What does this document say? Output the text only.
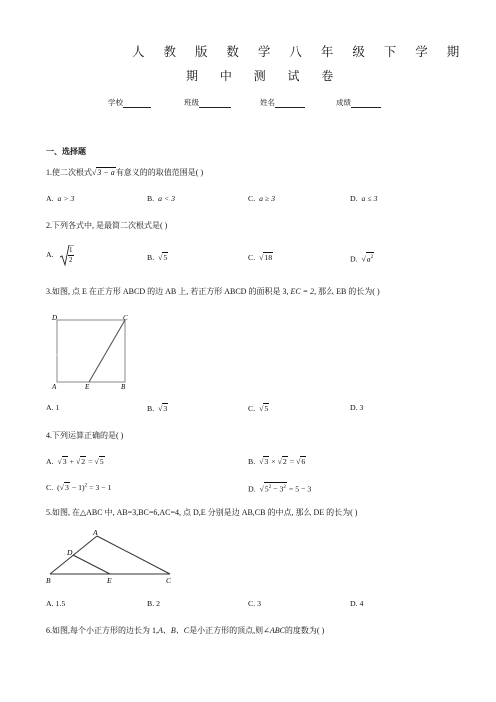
人 教 版 数 学 八 年 级 下 学 期
期 中 测 试 卷
学校	班级	姓名	成绩
一、选择题
1.使二次根式√3 − a有意义的的取值范围是( )
A. a > 3	B. a < 3	C. a ≥ 3	D. a ≤ 3
2.下列各式中, 是最简二次根式是( )
A. 1
2	B. √5	C. √18	D. $√a^2$
3.如图, 点 E 在正方形 ABCD 的边 AB 上, 若正方形 ABCD 的面积是 3, EC = 2, 那么 EB 的长为( )
D	C
A	E	B
A. 1	B. √3	C. √5	D. 3
4.下列运算正确的是( )
A. √3 + √2 = √5	B. √3 × √2 = √6
C. $(√3 - 1)^2 = 3 - 1$	D. $√5^2 - 3^2 = 5 - 3$
5.如图, 在△ABC 中, AB=3,BC=6,AC=4, 点 D,E 分别是边 AB,CB 的中点, 那么 DE 的长为( )
A
D
B	E	C
A. 1.5	B. 2	C. 3	D. 4
6.如图,每个小正方形的边长为 1,A、B、C是小正方形的顶点,则∠ABC的度数为( )
